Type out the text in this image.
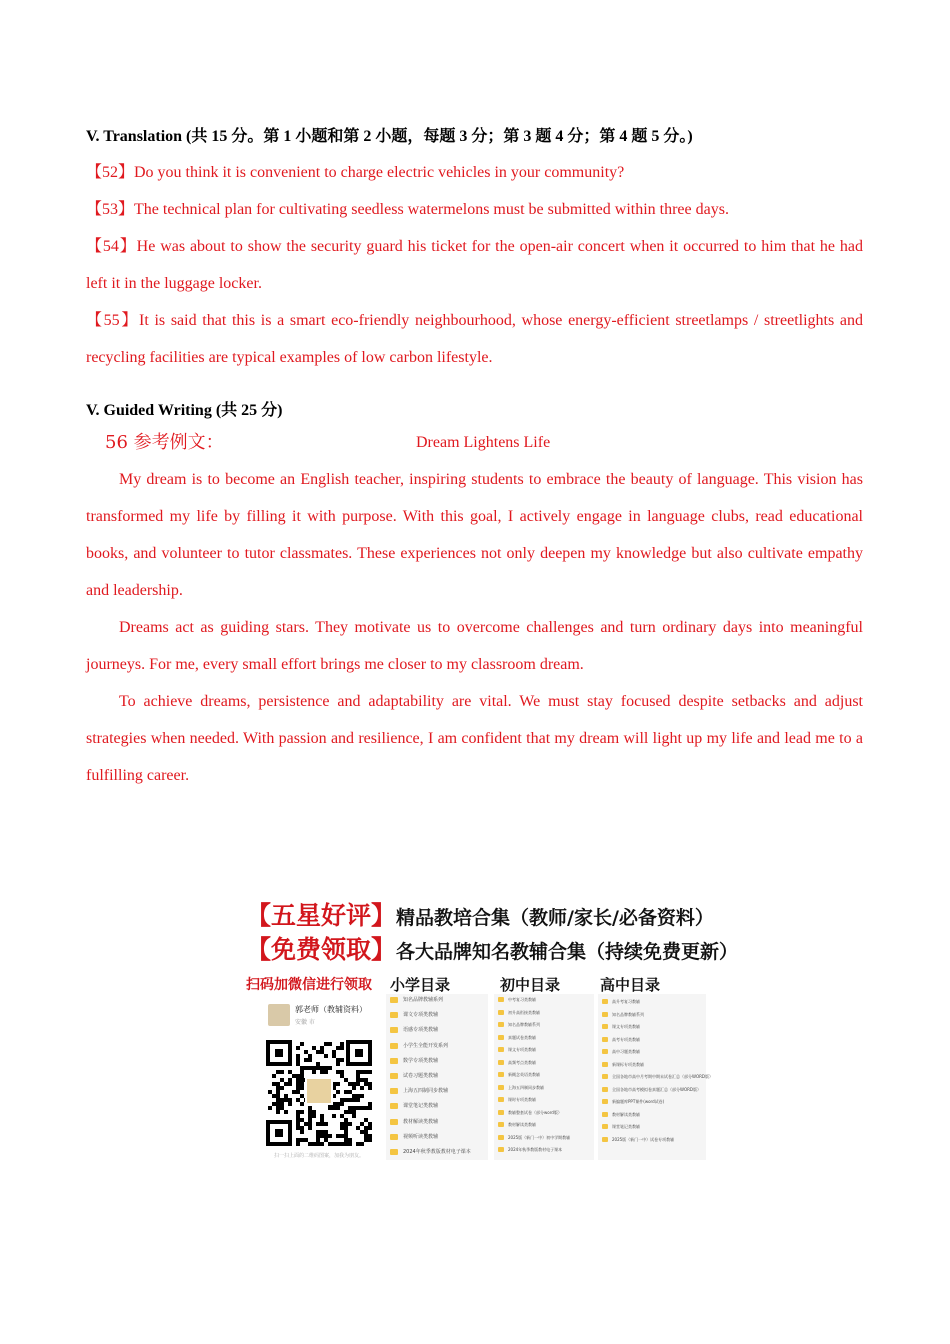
V. Translation (共 15 分。第 1 小题和第 2 小题，每题 3 分；第 3 题 4 分；第 4 题 5 分。)

【52】Do you think it is convenient to charge electric vehicles in your community?

【53】The technical plan for cultivating seedless watermelons must be submitted within three days.

【54】He was about to show the security guard his ticket for the open-air concert when it occurred to him that he had left it in the luggage locker.

【55】It is said that this is a smart eco-friendly neighbourhood, whose energy-efficient streetlamps / streetlights and recycling facilities are typical examples of low carbon lifestyle.

V. Guided Writing (共 25 分)

56 参考例文：	Dream Lightens Life

My dream is to become an English teacher, inspiring students to embrace the beauty of language. This vision has transformed my life by filling it with purpose. With this goal, I actively engage in language clubs, read educational books, and volunteer to tutor classmates. These experiences not only deepen my knowledge but also cultivate empathy and leadership.

Dreams act as guiding stars. They motivate us to overcome challenges and turn ordinary days into meaningful journeys. For me, every small effort brings me closer to my classroom dream.

To achieve dreams, persistence and adaptability are vital. We must stay focused despite setbacks and adjust strategies when needed. With passion and resilience, I am confident that my dream will light up my life and lead me to a fulfilling career.

【五星好评】精品教培合集（教师/家长/必备资料）
【免费领取】各大品牌知名教辅合集（持续免费更新）
扫码加微信进行领取 小学目录	初中目录	高中目录
郭老师（教辅资料）
安徽 市
扫一扫上面的二维码图案，加我为朋友。
知名品牌教辅系列
课文专项类教辅
语感专项类教辅
小学生全能开发系列
数学专项类教辅
试卷习题类教辅
上海五四制同步教辅
课堂笔记类教辅
教材解读类教辅
视频听读类教辅
2024年秋季教版教材电子课本
中考复习类教辅
初升高衔接类教辅
知名品牌教辅系列
真题试卷类教辅
课文专项类教辅
高频考点类教辅
新概念英语类教辅
上海五四制同步教辅
课时专项类教辅
教辅整套试卷（部分word版）
教材解读类教辅
2025版（新门一中）初中学期教辅
2024年秋季教版教材电子课本
高升考复习教辅
知名品牌教辅系列
课文专项类教辅
高考专项类教辅
高中习题类教辅
新课标专项类教辅
全国各地市高中月考期中期末试卷汇总（部分WORD版）
全国各地市高考模拟卷真题汇总（部分WORD版）
新编题库PPT课件(word试卷)
教材解读类教辅
课堂笔记类教辅
2025版（新门一中）试卷专项教辅
